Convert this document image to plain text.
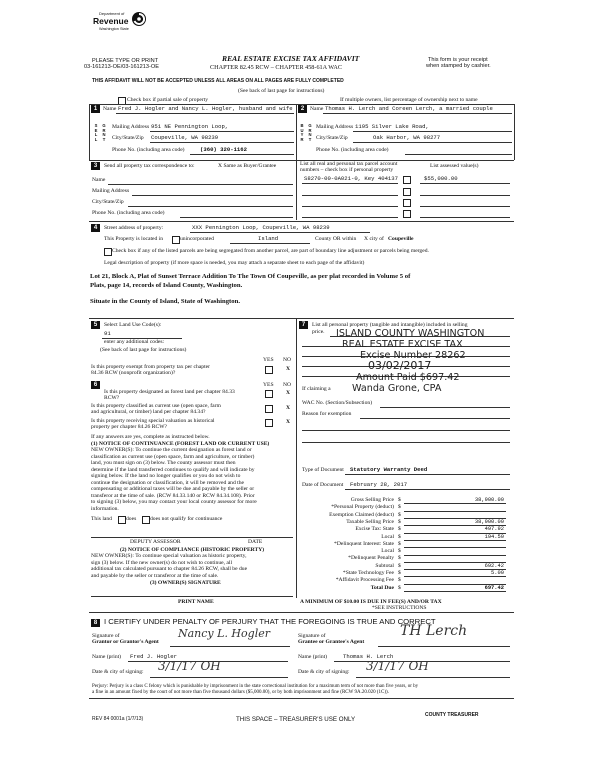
Department of
Revenue
Washington State
PLEASE TYPE OR PRINT
03-161213-OE/03-161213-OE
REAL ESTATE EXCISE TAX AFFIDAVIT
CHAPTER 82.45 RCW – CHAPTER 458-61A WAC
This form is your receipt
when stamped by cashier.
THIS AFFIDAVIT WILL NOT BE ACCEPTED UNLESS ALL AREAS ON ALL PAGES ARE FULLY COMPLETED
(See back of last page for instructions)
Check box if partial sale of property	If multiple owners, list percentage of ownership next to name
1	2
S
E
L
L
G
R
N
T
B
U
Y
R
G
R
N
T
Name Fred J. Hogler and Nancy L. Hogler, husband and wife
Mailing Address 951 NE Pennington Loop,
City/State/Zip Coupeville, WA 98239
Phone No. (including area code)	(360) 320-1162
Name Thomas H. Lerch and Coreen Lerch, a married couple
Mailing Address 1195 Silver Lake Road,
City/State/Zip	Oak Harbor, WA 98277
Phone No. (including area code)
3	Send all property tax correspondence to:	X Same as Buyer/Grantee	List all real and personal tax parcel account
numbers – check box if personal property
List assessed value(s)
Name
Mailing Address
City/State/Zip
Phone No. (including area code)
S8270-00-0A021-0, Key 404137	$55,000.00
4	Street address of property:	XXX Pennington Loop, Coupeville, WA 98239
This Property is located in	unincorporated	Island	County OR within X city of Coupeville
Check box if any of the listed parcels are being segregated from another parcel, are part of boundary line adjustment or parcels being merged.
Legal description of property (if more space is needed, you may attach a separate sheet to each page of the affidavit)
Lot 21, Block A, Plat of Sunset Terrace Addition To The Town Of Coupeville, as per plat recorded in Volume 5 of
Plats, page 14, records of Island County, Washington.
Situate in the County of Island, State of Washington.
5	Select Land Use Code(s):
91
enter any additional codes:
(See back of last page for instructions)
YES NO
Is this property exempt from property tax per chapter
84.36 RCW (nonprofit organization)?
X
6	YES NO
Is this property designated as forest land per chapter 84.33
RCW?
X
Is this property classified as current use (open space, farm
and agricultural, or timber) land per chapter 84.34?
X
Is this property receiving special valuation as historical
property per chapter 84.26 RCW?
X
If any answers are yes, complete as instructed below.
(1) NOTICE OF CONTINUANCE (FOREST LAND OR CURRENT USE)
NEW OWNER(S): To continue the current designation as forest land or
classification as current use (open space, farm and agriculture, or timber)
land, you must sign on (3) below. The county assessor must then
determine if the land transferred continues to qualify and will indicate by
signing below. If the land no longer qualifies or you do not wish to
continue the designation or classification, it will be removed and the
compensating or additional taxes will be due and payable by the seller or
transferor at the time of sale. (RCW 84.33.140 or RCW 84.34.108). Prior
to signing (3) below, you may contact your local county assessor for more
information.
This land	does does not qualify for continuance
DEPUTY ASSESSOR	DATE
(2) NOTICE OF COMPLIANCE (HISTORIC PROPERTY)
NEW OWNER(S): To continue special valuation as historic property,
sign (3) below. If the new owner(s) do not wish to continue, all
additional tax calculated pursuant to chapter 84.26 RCW, shall be due
and payable by the seller or transferor at the time of sale.
(3) OWNER(S) SIGNATURE
PRINT NAME
7	List all personal property (tangible and intangible) included in selling
price. ISLAND COUNTY WASHINGTON
REAL ESTATE EXCISE TAX
Excise Number 28262
03/02/2017
Amount Paid $697.42
Wanda Grone, CPA
If claiming a
WAC No. (Section/Subsection)
Reason for exemption
Type of Document Statutory Warranty Deed
Date of Document February 28, 2017
Gross Selling Price $	38,900.00
*Personal Property (deduct) $
Exemption Claimed (deduct) $
Taxable Selling Price $	38,900.00
Excise Tax: State $	497.92
Local $	194.50
*Delinquent Interest: State $
Local $
*Delinquent Penalty $
Subtotal $	692.42
*State Technology Fee $	5.00
*Affidavit Processing Fee $
Total Due $	697.42
A MINIMUM OF $10.00 IS DUE IN FEE(S) AND/OR TAX
*SEE INSTRUCTIONS
8 I CERTIFY UNDER PENALTY OF PERJURY THAT THE FOREGOING IS TRUE AND CORRECT
Signature of
Grantor or Grantor's Agent
Nancy L. Hogler	Signature of
Grantee or Grantee's Agent
TH Lerch
Name (print) Fred J. Hogler	Name (print)	Thomas H. Lerch
Date & city of signing: 3/1/17 OH	Date & city of signing: 3/1/17 OH
Perjury: Perjury is a class C felony which is punishable by imprisonment in the state correctional institution for a maximum term of not more than five years, or by
a fine in an amount fixed by the court of not more than five thousand dollars ($5,000.00), or by both imprisonment and fine (RCW 9A.20.020 (1C)).
REV 84 0001a (1/7/13)	THIS SPACE – TREASURER'S USE ONLY
COUNTY TREASURER
